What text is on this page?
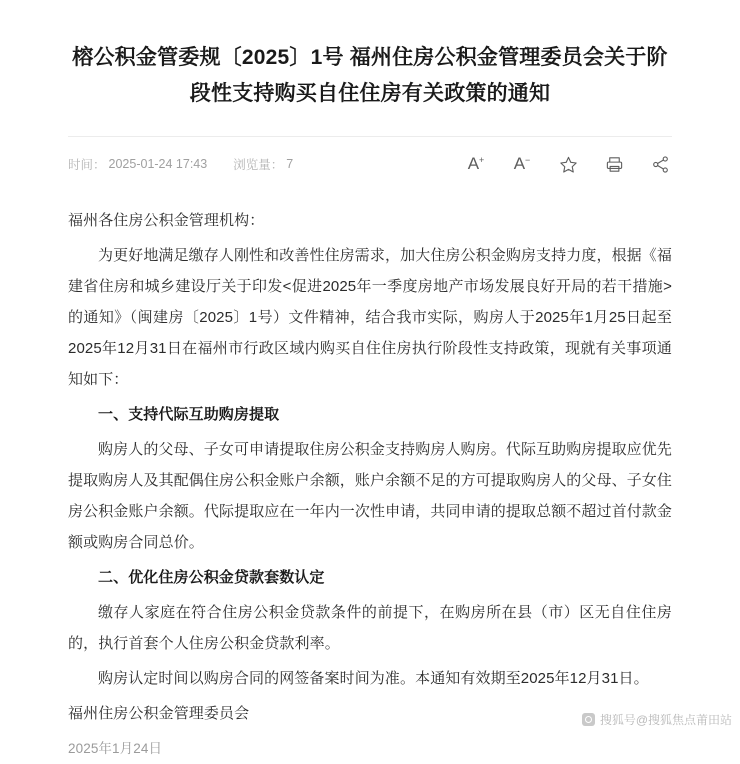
榕公积金管委规〔2025〕1号 福州住房公积金管理委员会关于阶段性支持购买自住住房有关政策的通知
时间： 2025-01-24 17:43 浏览量： 7	A+ A−

福州各住房公积金管理机构：

为更好地满足缴存人刚性和改善性住房需求，加大住房公积金购房支持力度，根据《福建省住房和城乡建设厅关于印发<促进2025年一季度房地产市场发展良好开局的若干措施>的通知》（闽建房〔2025〕1号）文件精神，结合我市实际，购房人于2025年1月25日起至2025年12月31日在福州市行政区域内购买自住住房执行阶段性支持政策，现就有关事项通知如下：

一、支持代际互助购房提取

购房人的父母、子女可申请提取住房公积金支持购房人购房。代际互助购房提取应优先提取购房人及其配偶住房公积金账户余额，账户余额不足的方可提取购房人的父母、子女住房公积金账户余额。代际提取应在一年内一次性申请，共同申请的提取总额不超过首付款金额或购房合同总价。

二、优化住房公积金贷款套数认定

缴存人家庭在符合住房公积金贷款条件的前提下，在购房所在县（市）区无自住住房的，执行首套个人住房公积金贷款利率。

购房认定时间以购房合同的网签备案时间为准。本通知有效期至2025年12月31日。

福州住房公积金管理委员会

2025年1月24日

搜狐号@搜狐焦点莆田站
